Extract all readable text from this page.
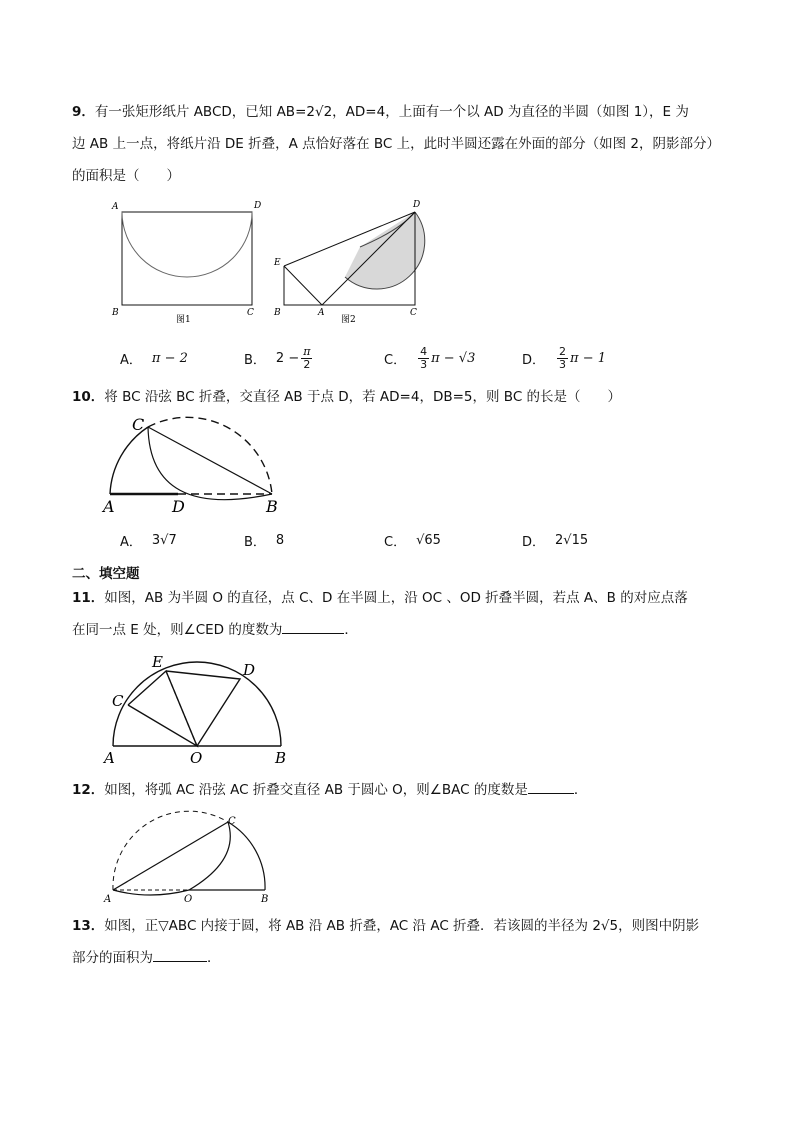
9．有一张矩形纸片 ABCD，已知 AB=2√2，AD=4，上面有一个以 AD 为直径的半圆（如图 1），E 为
边 AB 上一点，将纸片沿 DE 折叠，A 点恰好落在 BC 上，此时半圆还露在外面的部分（如图 2，阴影部分）
的面积是（　　）
A	D
B	C
图1
D
E
B	A	C
图2
A． π − 2	B． $2 - \frac{\pi}{2}$	C． $\frac{4}{3}$ π − √3	D． $\frac{2}{3}$ π − 1
10．将 BC 沿弦 BC 折叠，交直径 AB 于点 D，若 AD=4，DB=5，则 BC 的长是（　　）
C
A	D	B
A． 3√7	B． 8	C． √65	D． 2√15
二、填空题
11．如图，AB 为半圆 O 的直径，点 C、D 在半圆上，沿 OC 、OD 折叠半圆，若点 A、B 的对应点落
在同一点 E 处，则∠CED 的度数为	．
E	D
C
A	O	B
12．如图，将弧 AC 沿弦 AC 折叠交直径 AB 于圆心 O，则∠BAC 的度数是	．
C
A	O	B
13．如图，正▽ABC 内接于圆，将 AB 沿 AB 折叠，AC 沿 AC 折叠．若该圆的半径为 2√5，则图中阴影
部分的面积为	．
